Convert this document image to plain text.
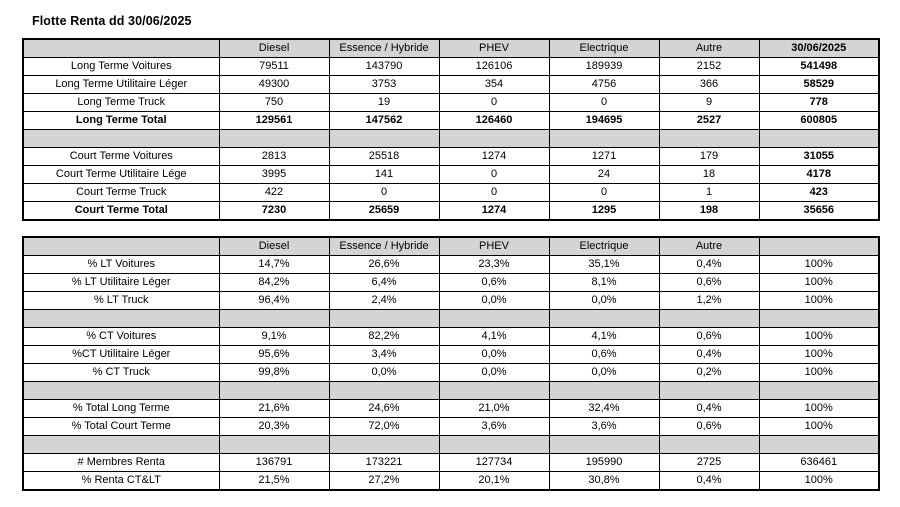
Flotte Renta dd 30/06/2025
	Diesel	Essence / Hybride	PHEV	Electrique	Autre	30/06/2025
Long Terme Voitures	79511	143790	126106	189939	2152	541498
Long Terme Utilitaire Léger	49300	3753	354	4756	366	58529
Long Terme Truck	750	19	0	0	9	778
Long Terme Total	129561	147562	126460	194695	2527	600805

Court Terme Voitures	2813	25518	1274	1271	179	31055
Court Terme Utilitaire Lége	3995	141	0	24	18	4178
Court Terme Truck	422	0	0	0	1	423
Court Terme Total	7230	25659	1274	1295	198	35656
	Diesel	Essence / Hybride	PHEV	Electrique	Autre	
% LT Voitures	14,7%	26,6%	23,3%	35,1%	0,4%	100%
% LT Utilitaire Léger	84,2%	6,4%	0,6%	8,1%	0,6%	100%
% LT Truck	96,4%	2,4%	0,0%	0,0%	1,2%	100%

% CT Voitures	9,1%	82,2%	4,1%	4,1%	0,6%	100%
%CT Utilitaire Léger	95,6%	3,4%	0,0%	0,6%	0,4%	100%
% CT Truck	99,8%	0,0%	0,0%	0,0%	0,2%	100%

% Total Long Terme	21,6%	24,6%	21,0%	32,4%	0,4%	100%
% Total Court Terme	20,3%	72,0%	3,6%	3,6%	0,6%	100%

# Membres Renta	136791	173221	127734	195990	2725	636461
% Renta CT&LT	21,5%	27,2%	20,1%	30,8%	0,4%	100%
